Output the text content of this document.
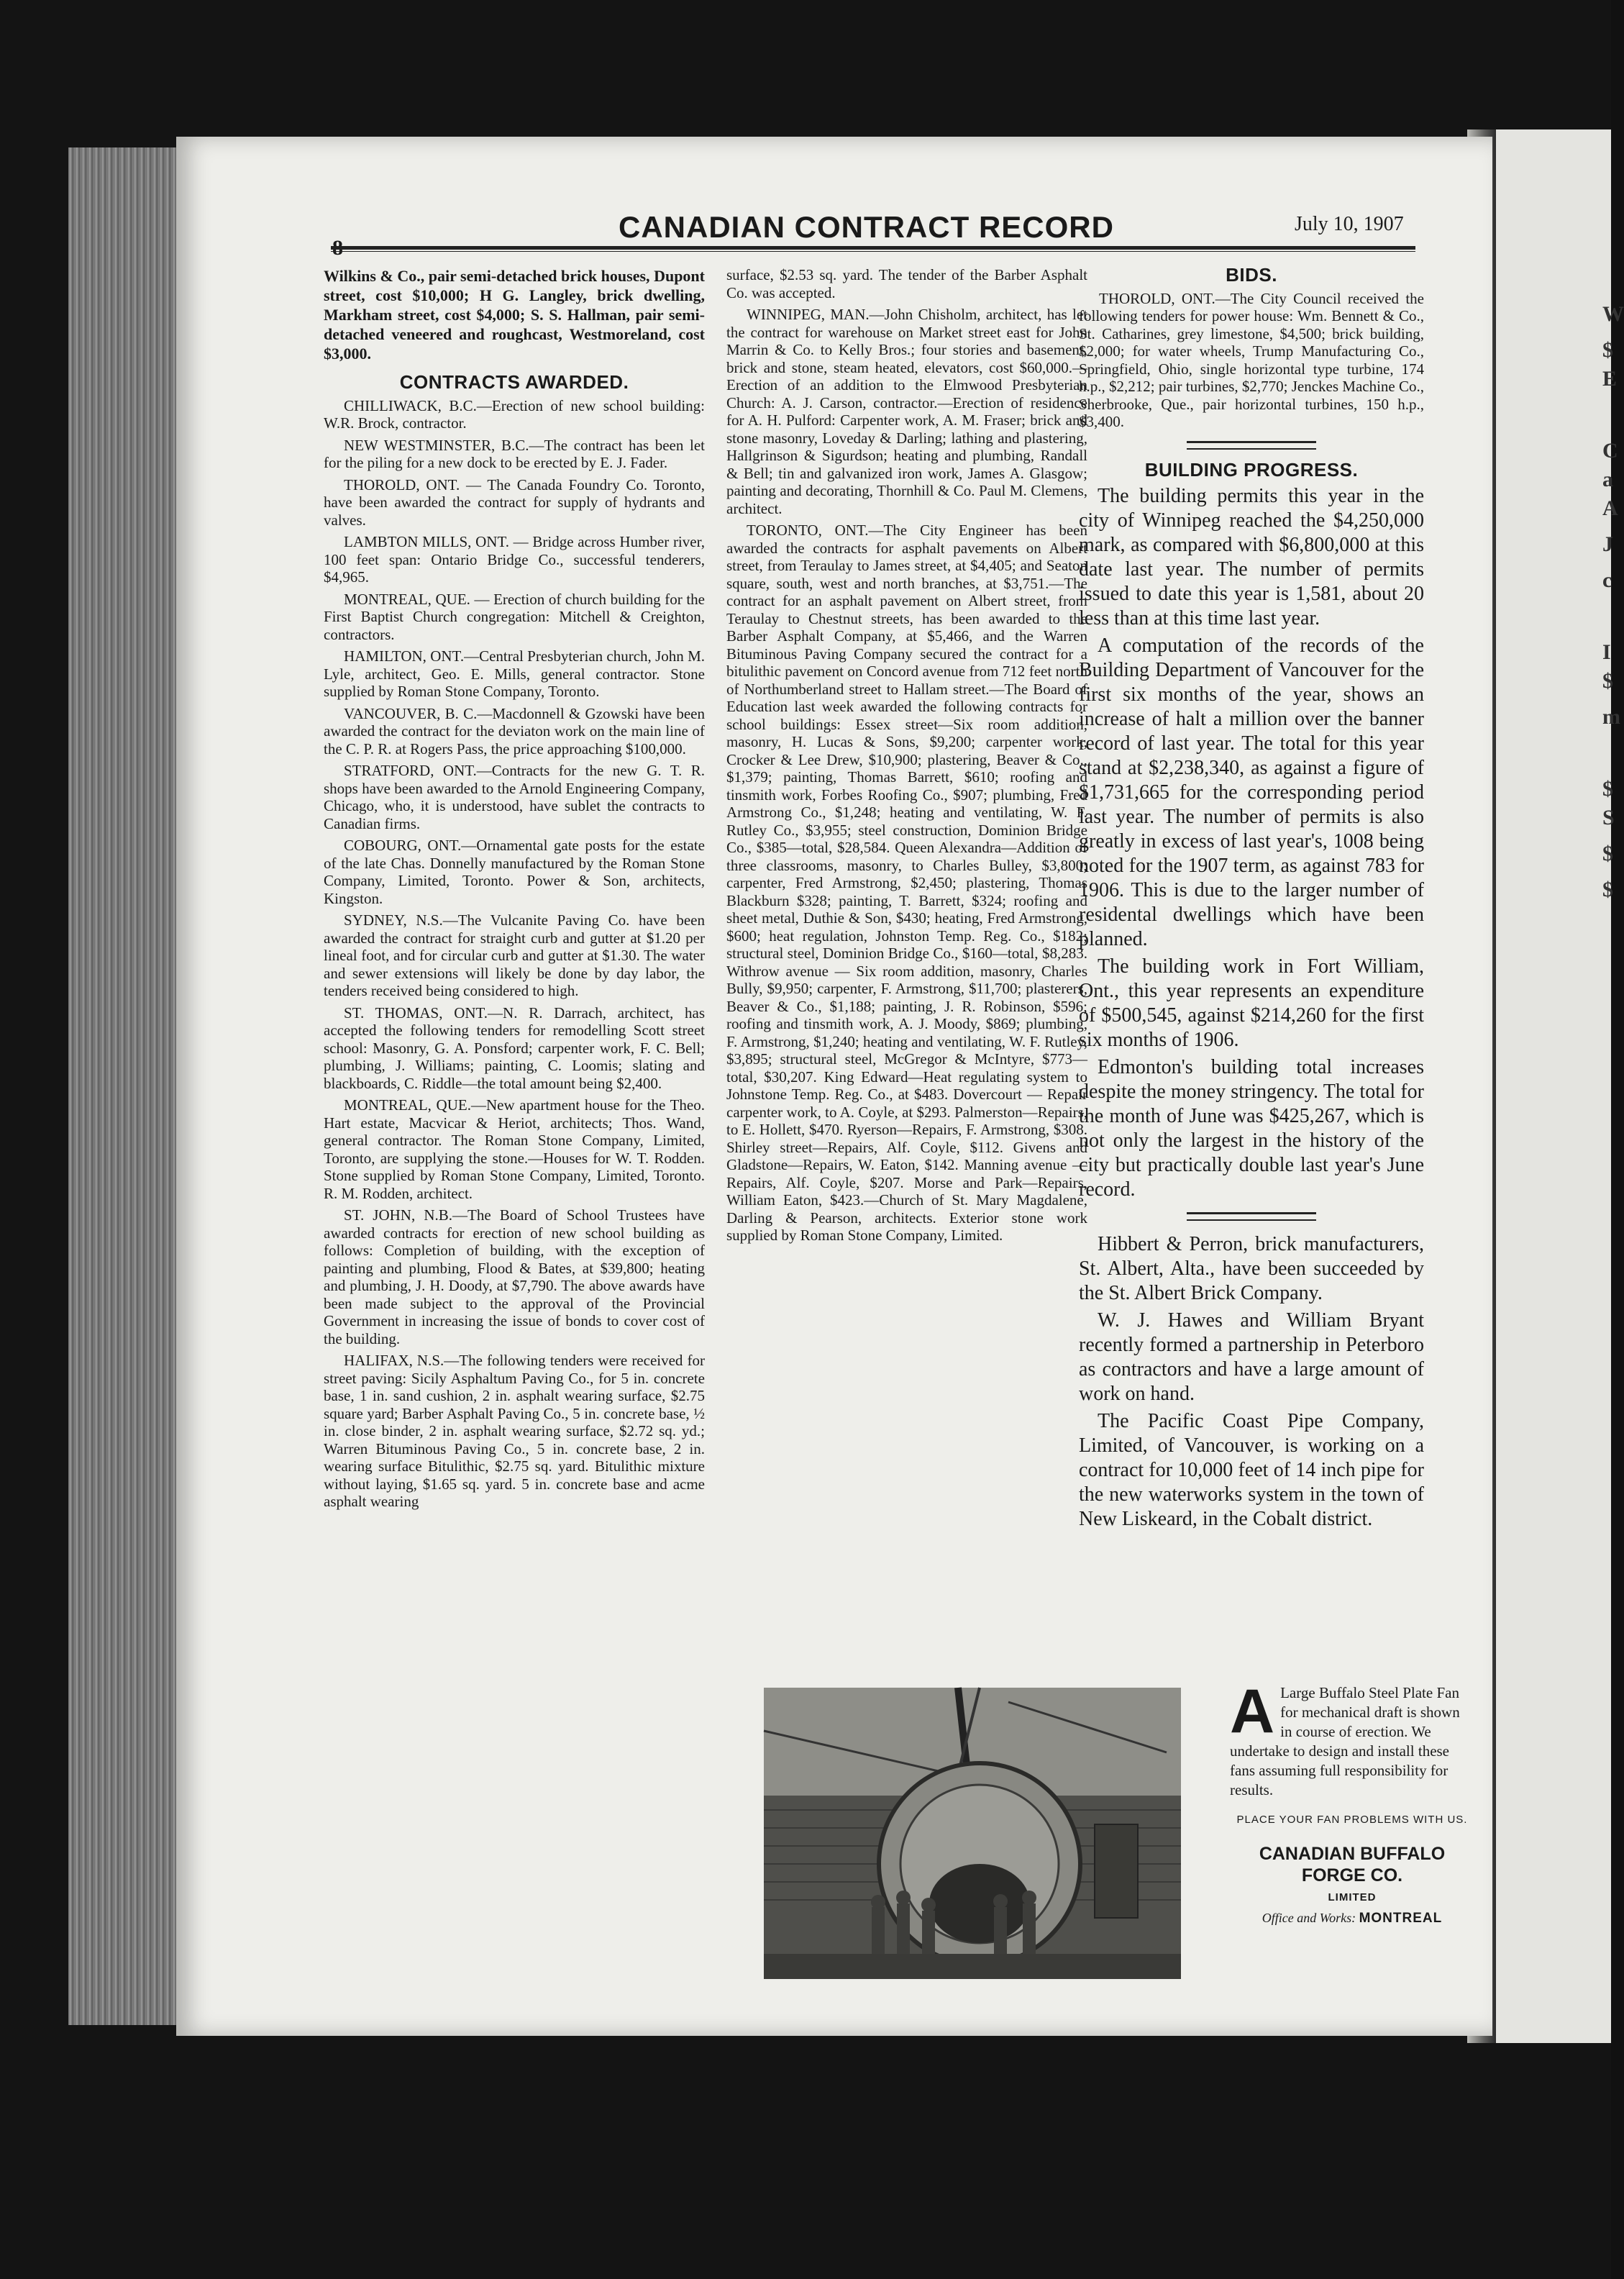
W
$
E
C
a
A
J
c
I
$
m
$
S
$
$
8
CANADIAN CONTRACT RECORD	July 10, 1907

Wilkins & Co., pair semi-detached brick houses, Dupont street, cost $10,000; H G. Langley, brick dwelling, Markham street, cost $4,000; S. S. Hallman, pair semi-detached veneered and roughcast, Westmoreland, cost $3,000.

CONTRACTS AWARDED.

CHILLIWACK, B.C.—Erection of new school building: W.R. Brock, contractor.

NEW WESTMINSTER, B.C.—The contract has been let for the piling for a new dock to be erected by E. J. Fader.

THOROLD, ONT. — The Canada Foundry Co. Toronto, have been awarded the contract for supply of hydrants and valves.

LAMBTON MILLS, ONT. — Bridge across Humber river, 100 feet span: Ontario Bridge Co., successful tenderers, $4,965.

MONTREAL, QUE. — Erection of church building for the First Baptist Church congregation: Mitchell & Creighton, contractors.

HAMILTON, ONT.—Central Presbyterian church, John M. Lyle, architect, Geo. E. Mills, general contractor. Stone supplied by Roman Stone Company, Toronto.

VANCOUVER, B. C.—Macdonnell & Gzowski have been awarded the contract for the deviaton work on the main line of the C. P. R. at Rogers Pass, the price approaching $100,000.

STRATFORD, ONT.—Contracts for the new G. T. R. shops have been awarded to the Arnold Engineering Company, Chicago, who, it is understood, have sublet the contracts to Canadian firms.

COBOURG, ONT.—Ornamental gate posts for the estate of the late Chas. Donnelly manufactured by the Roman Stone Company, Limited, Toronto. Power & Son, architects, Kingston.

SYDNEY, N.S.—The Vulcanite Paving Co. have been awarded the contract for straight curb and gutter at $1.20 per lineal foot, and for circular curb and gutter at $1.30. The water and sewer extensions will likely be done by day labor, the tenders received being considered to high.

ST. THOMAS, ONT.—N. R. Darrach, architect, has accepted the following tenders for remodelling Scott street school: Masonry, G. A. Ponsford; carpenter work, F. C. Bell; plumbing, J. Williams; painting, C. Loomis; slating and blackboards, C. Riddle—the total amount being $2,400.

MONTREAL, QUE.—New apartment house for the Theo. Hart estate, Macvicar & Heriot, architects; Thos. Wand, general contractor. The Roman Stone Company, Limited, Toronto, are supplying the stone.—Houses for W. T. Rodden. Stone supplied by Roman Stone Company, Limited, Toronto. R. M. Rodden, architect.

ST. JOHN, N.B.—The Board of School Trustees have awarded contracts for erection of new school building as follows: Completion of building, with the exception of painting and plumbing, Flood & Bates, at $39,800; heating and plumbing, J. H. Doody, at $7,790. The above awards have been made subject to the approval of the Provincial Government in increasing the issue of bonds to cover cost of the building.

HALIFAX, N.S.—The following tenders were received for street paving: Sicily Asphaltum Paving Co., for 5 in. concrete base, 1 in. sand cushion, 2 in. asphalt wearing surface, $2.75 square yard; Barber Asphalt Paving Co., 5 in. concrete base, ½ in. close binder, 2 in. asphalt wearing surface, $2.72 sq. yd.; Warren Bituminous Paving Co., 5 in. concrete base, 2 in. wearing surface Bitulithic, $2.75 sq. yard. Bitulithic mixture without laying, $1.65 sq. yard. 5 in. concrete base and acme asphalt wearing

surface, $2.53 sq. yard. The tender of the Barber Asphalt Co. was accepted.

WINNIPEG, MAN.—John Chisholm, architect, has let the contract for warehouse on Market street east for John Marrin & Co. to Kelly Bros.; four stories and basement, brick and stone, steam heated, elevators, cost $60,000.—Erection of an addition to the Elmwood Presbyterian Church: A. J. Carson, contractor.—Erection of residence for A. H. Pulford: Carpenter work, A. M. Fraser; brick and stone masonry, Loveday & Darling; lathing and plastering, Hallgrinson & Sigurdson; heating and plumbing, Randall & Bell; tin and galvanized iron work, James A. Glasgow; painting and decorating, Thornhill & Co. Paul M. Clemens, architect.

TORONTO, ONT.—The City Engineer has been awarded the contracts for asphalt pavements on Albert street, from Teraulay to James street, at $4,405; and Seaton square, south, west and north branches, at $3,751.—The contract for an asphalt pavement on Albert street, from Teraulay to Chestnut streets, has been awarded to the Barber Asphalt Company, at $5,466, and the Warren Bituminous Paving Company secured the contract for a bitulithic pavement on Concord avenue from 712 feet north of Northumberland street to Hallam street.—The Board of Education last week awarded the following contracts for school buildings: Essex street—Six room addition, masonry, H. Lucas & Sons, $9,200; carpenter work, Crocker & Lee Drew, $10,900; plastering, Beaver & Co., $1,379; painting, Thomas Barrett, $610; roofing and tinsmith work, Forbes Roofing Co., $907; plumbing, Fred Armstrong Co., $1,248; heating and ventilating, W. F. Rutley Co., $3,955; steel construction, Dominion Bridge Co., $385—total, $28,584. Queen Alexandra—Addition of three classrooms, masonry, to Charles Bulley, $3,800; carpenter, Fred Armstrong, $2,450; plastering, Thomas Blackburn $328; painting, T. Barrett, $324; roofing and sheet metal, Duthie & Son, $430; heating, Fred Armstrong, $600; heat regulation, Johnston Temp. Reg. Co., $182; structural steel, Dominion Bridge Co., $160—total, $8,283. Withrow avenue — Six room addition, masonry, Charles Bully, $9,950; carpenter, F. Armstrong, $11,700; plasterers, Beaver & Co., $1,188; painting, J. R. Robinson, $596; roofing and tinsmith work, A. J. Moody, $869; plumbing, F. Armstrong, $1,240; heating and ventilating, W. F. Rutley, $3,895; structural steel, McGregor & McIntyre, $773—total, $30,207. King Edward—Heat regulating system to Johnstone Temp. Reg. Co., at $483. Dovercourt — Repair carpenter work, to A. Coyle, at $293. Palmerston—Repairs, to E. Hollett, $470. Ryerson—Repairs, F. Armstrong, $308. Shirley street—Repairs, Alf. Coyle, $112. Givens and Gladstone—Repairs, W. Eaton, $142. Manning avenue — Repairs, Alf. Coyle, $207. Morse and Park—Repairs, William Eaton, $423.—Church of St. Mary Magdalene, Darling & Pearson, architects. Exterior stone work supplied by Roman Stone Company, Limited.

BIDS.

THOROLD, ONT.—The City Council received the following tenders for power house: Wm. Bennett & Co., St. Catharines, grey limestone, $4,500; brick building, $2,000; for water wheels, Trump Manufacturing Co., Springfield, Ohio, single horizontal type turbine, 174 h.p., $2,212; pair turbines, $2,770; Jenckes Machine Co., Sherbrooke, Que., pair horizontal turbines, 150 h.p., $3,400.

BUILDING PROGRESS.

The building permits this year in the city of Winnipeg reached the $4,250,000 mark, as compared with $6,800,000 at this date last year. The number of permits issued to date this year is 1,581, about 20 less than at this time last year.

A computation of the records of the Building Department of Vancouver for the first six months of the year, shows an increase of halt a million over the banner record of last year. The total for this year stand at $2,238,340, as against a figure of $1,731,665 for the corresponding period last year. The number of permits is also greatly in excess of last year's, 1008 being noted for the 1907 term, as against 783 for 1906. This is due to the larger number of residental dwellings which have been planned.

The building work in Fort William, Ont., this year represents an expenditure of $500,545, against $214,260 for the first six months of 1906.

Edmonton's building total increases despite the money stringency. The total for the month of June was $425,267, which is not only the largest in the history of the city but practically double last year's June record.

Hibbert & Perron, brick manufacturers, St. Albert, Alta., have been succeeded by the St. Albert Brick Company.

W. J. Hawes and William Bryant recently formed a partnership in Peterboro as contractors and have a large amount of work on hand.

The Pacific Coast Pipe Company, Limited, of Vancouver, is working on a contract for 10,000 feet of 14 inch pipe for the new waterworks system in the town of New Liskeard, in the Cobalt district.

A Large Buffalo Steel Plate Fan for mechanical draft is shown in course of erection. We undertake to design and install these fans assuming full responsibility for results.
PLACE YOUR FAN PROBLEMS WITH US.
CANADIAN BUFFALO FORGE CO.
LIMITED
Office and Works: MONTREAL
